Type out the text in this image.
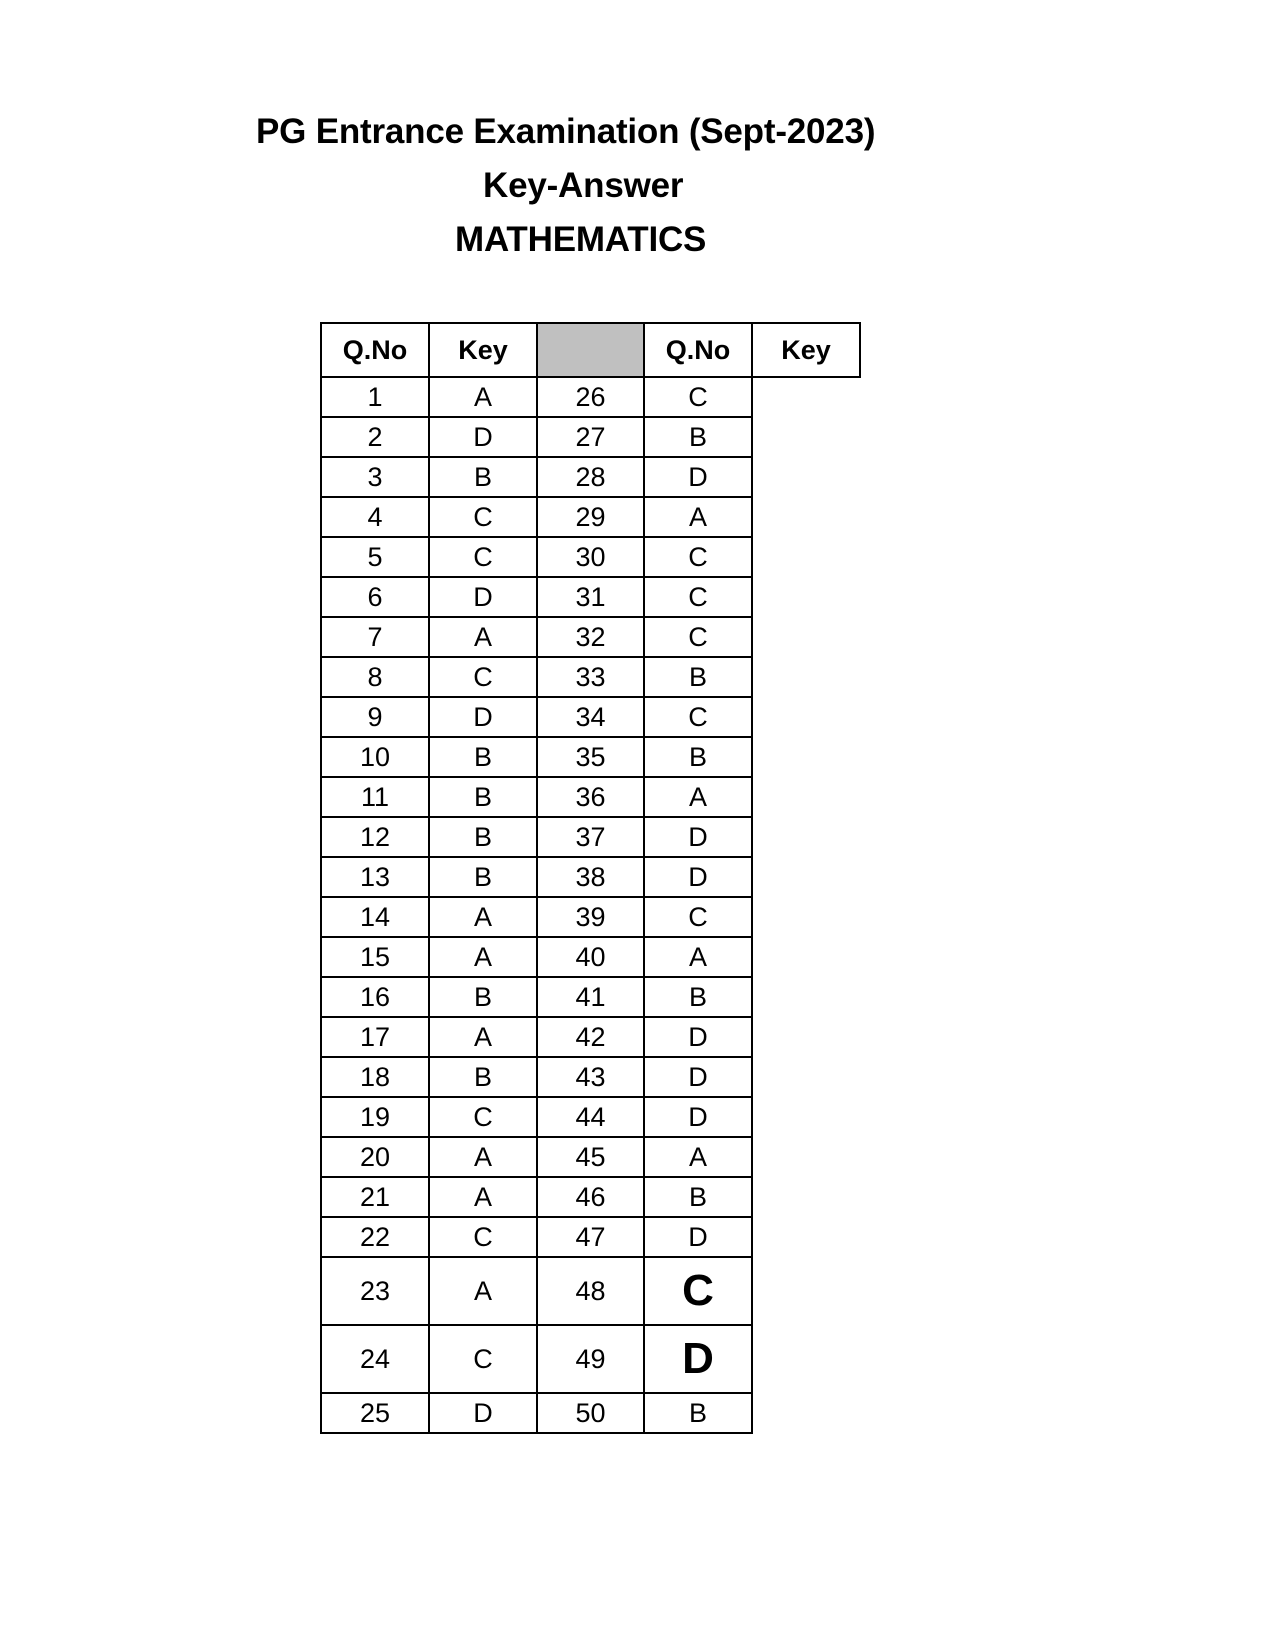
PG Entrance Examination (Sept-2023)
Key-Answer
MATHEMATICS
Q.No	Key		Q.No	Key
1	A	26	C	
2	D	27	B	
3	B	28	D	
4	C	29	A	
5	C	30	C	
6	D	31	C	
7	A	32	C	
8	C	33	B	
9	D	34	C	
10	B	35	B	
11	B	36	A	
12	B	37	D	
13	B	38	D	
14	A	39	C	
15	A	40	A	
16	B	41	B	
17	A	42	D	
18	B	43	D	
19	C	44	D	
20	A	45	A	
21	A	46	B	
22	C	47	D	
23	A	48	C	
24	C	49	D	
25	D	50	B	
